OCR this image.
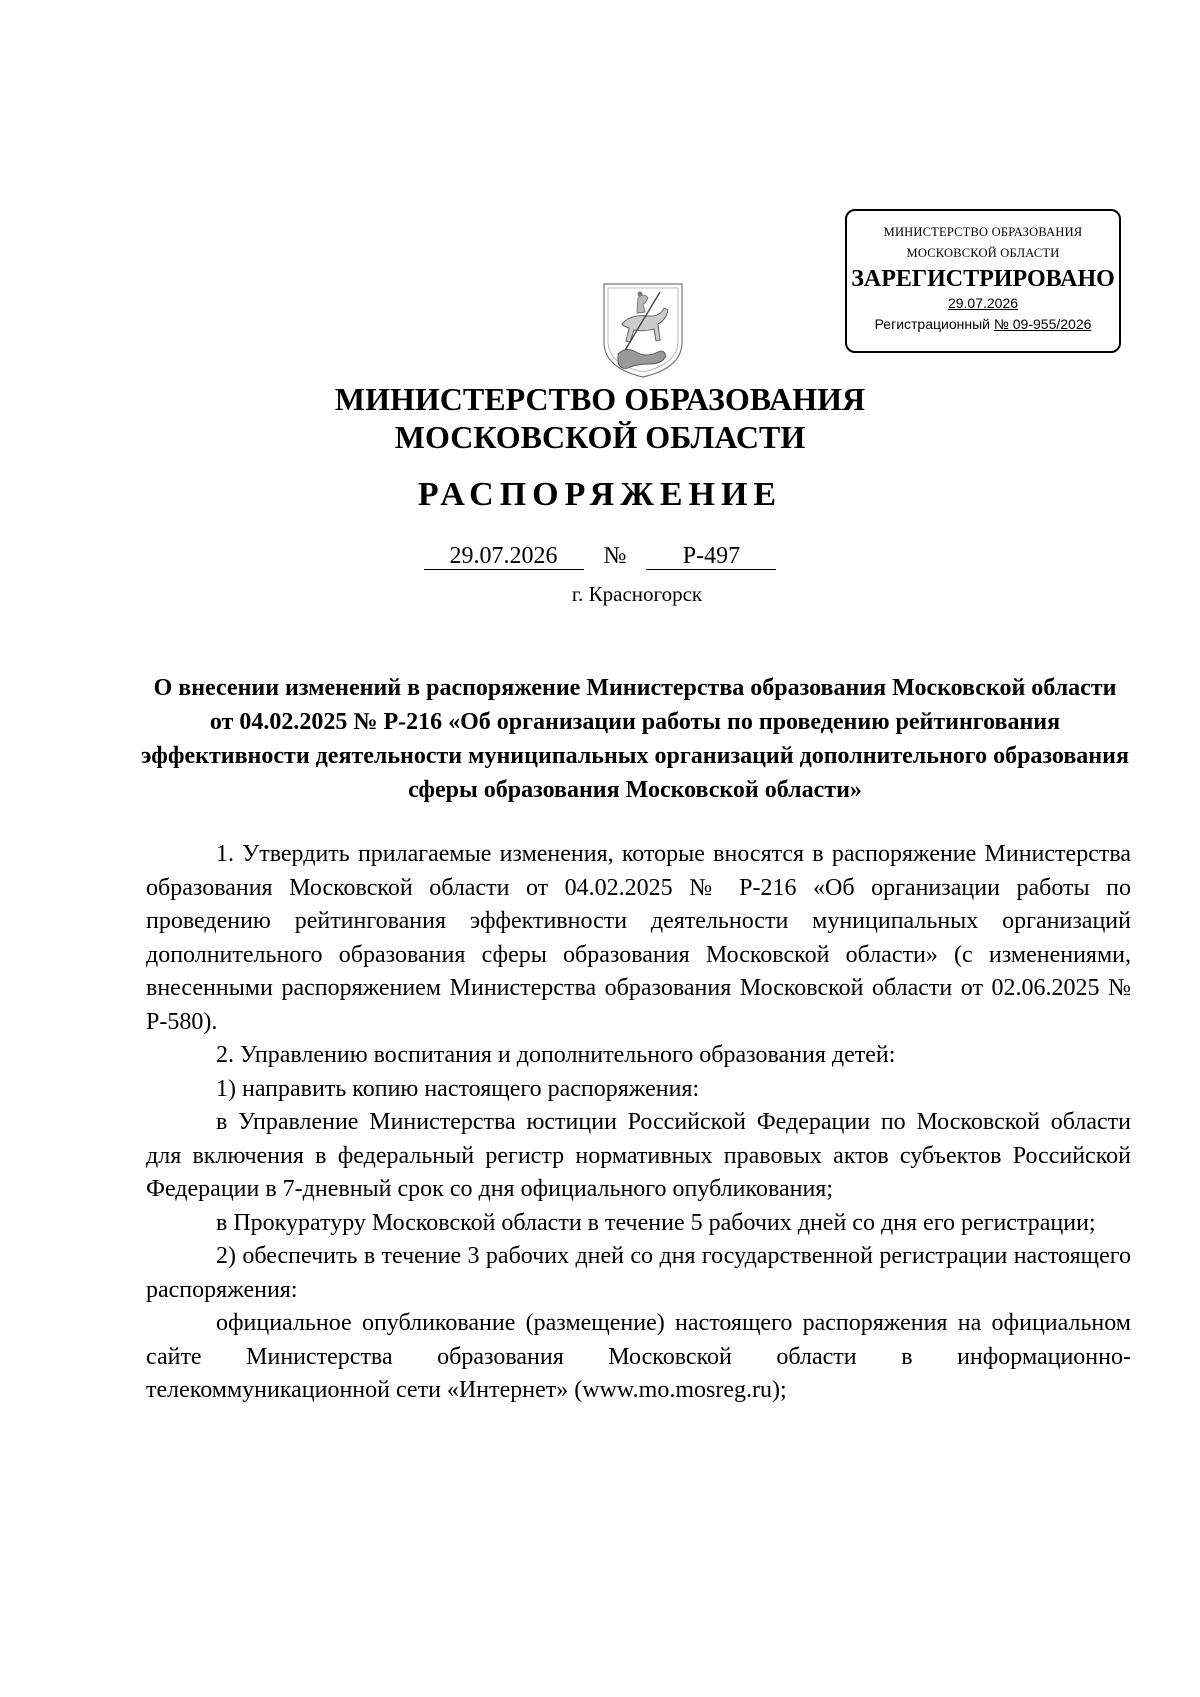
МИНИСТЕРСТВО ОБРАЗОВАНИЯ
МОСКОВСКОЙ ОБЛАСТИ
ЗАРЕГИСТРИРОВАНО
29.07.2026
Регистрационный № 09-955/2026
МИНИСТЕРСТВО ОБРАЗОВАНИЯ
МОСКОВСКОЙ ОБЛАСТИ
РАСПОРЯЖЕНИЕ
29.07.2026 № Р-497
г. Красногорск
О внесении изменений в распоряжение Министерства образования Московской области от 04.02.2025 № Р-216 «Об организации работы по проведению рейтингования эффективности деятельности муниципальных организаций дополнительного образования сферы образования Московской области»

1. Утвердить прилагаемые изменения, которые вносятся в распоряжение Министерства образования Московской области от 04.02.2025 № Р-216 «Об организации работы по проведению рейтингования эффективности деятельности муниципальных организаций дополнительного образования сферы образования Московской области» (с изменениями, внесенными распоряжением Министерства образования Московской области от 02.06.2025 № Р-580).

2. Управлению воспитания и дополнительного образования детей:

1) направить копию настоящего распоряжения:

в Управление Министерства юстиции Российской Федерации по Московской области для включения в федеральный регистр нормативных правовых актов субъектов Российской Федерации в 7-дневный срок со дня официального опубликования;

в Прокуратуру Московской области в течение 5 рабочих дней со дня его регистрации;

2) обеспечить в течение 3 рабочих дней со дня государственной регистрации настоящего распоряжения:

официальное опубликование (размещение) настоящего распоряжения на официальном сайте Министерства образования Московской области в информационно-телекоммуникационной сети «Интернет» (www.mo.mosreg.ru);
